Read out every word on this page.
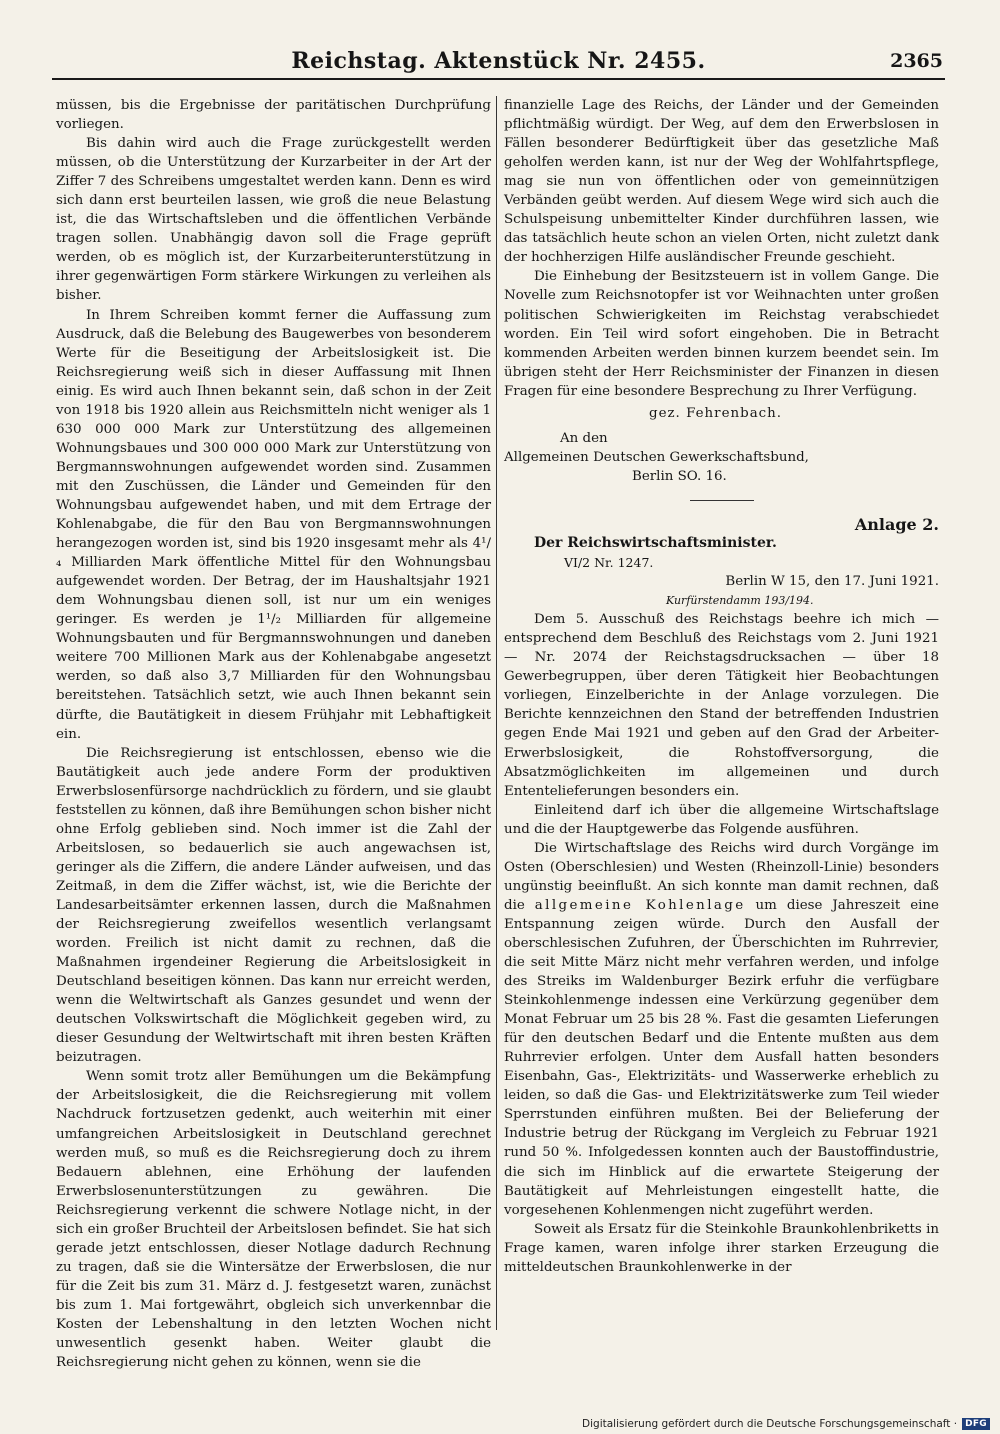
Reichstag. Aktenstück Nr. 2455.	2365

müssen, bis die Ergebnisse der paritätischen Durchprüfung vorliegen.

Bis dahin wird auch die Frage zurückgestellt werden müssen, ob die Unterstützung der Kurzarbeiter in der Art der Ziffer 7 des Schreibens umgestaltet werden kann. Denn es wird sich dann erst beurteilen lassen, wie groß die neue Belastung ist, die das Wirtschaftsleben und die öffentlichen Verbände tragen sollen. Unabhängig davon soll die Frage geprüft werden, ob es möglich ist, der Kurzarbeiterunterstützung in ihrer gegenwärtigen Form stärkere Wirkungen zu verleihen als bisher.

In Ihrem Schreiben kommt ferner die Auffassung zum Ausdruck, daß die Belebung des Baugewerbes von besonderem Werte für die Beseitigung der Arbeitslosigkeit ist. Die Reichsregierung weiß sich in dieser Auffassung mit Ihnen einig. Es wird auch Ihnen bekannt sein, daß schon in der Zeit von 1918 bis 1920 allein aus Reichsmitteln nicht weniger als 1 630 000 000 Mark zur Unterstützung des allgemeinen Wohnungsbaues und 300 000 000 Mark zur Unterstützung von Bergmannswohnungen aufgewendet worden sind. Zusammen mit den Zuschüssen, die Länder und Gemeinden für den Wohnungsbau aufgewendet haben, und mit dem Ertrage der Kohlenabgabe, die für den Bau von Bergmannswohnungen herangezogen worden ist, sind bis 1920 insgesamt mehr als 4¹/₄ Milliarden Mark öffentliche Mittel für den Wohnungsbau aufgewendet worden. Der Betrag, der im Haushaltsjahr 1921 dem Wohnungsbau dienen soll, ist nur um ein weniges geringer. Es werden je 1¹/₂ Milliarden für allgemeine Wohnungsbauten und für Bergmannswohnungen und daneben weitere 700 Millionen Mark aus der Kohlenabgabe angesetzt werden, so daß also 3,7 Milliarden für den Wohnungsbau bereitstehen. Tatsächlich setzt, wie auch Ihnen bekannt sein dürfte, die Bautätigkeit in diesem Frühjahr mit Lebhaftigkeit ein.

Die Reichsregierung ist entschlossen, ebenso wie die Bautätigkeit auch jede andere Form der produktiven Erwerbslosenfürsorge nachdrücklich zu fördern, und sie glaubt feststellen zu können, daß ihre Bemühungen schon bisher nicht ohne Erfolg geblieben sind. Noch immer ist die Zahl der Arbeitslosen, so bedauerlich sie auch angewachsen ist, geringer als die Ziffern, die andere Länder aufweisen, und das Zeitmaß, in dem die Ziffer wächst, ist, wie die Berichte der Landesarbeitsämter erkennen lassen, durch die Maßnahmen der Reichsregierung zweifellos wesentlich verlangsamt worden. Freilich ist nicht damit zu rechnen, daß die Maßnahmen irgendeiner Regierung die Arbeitslosigkeit in Deutschland beseitigen können. Das kann nur erreicht werden, wenn die Weltwirtschaft als Ganzes gesundet und wenn der deutschen Volkswirtschaft die Möglichkeit gegeben wird, zu dieser Gesundung der Weltwirtschaft mit ihren besten Kräften beizutragen.

Wenn somit trotz aller Bemühungen um die Bekämpfung der Arbeitslosigkeit, die die Reichsregierung mit vollem Nachdruck fortzusetzen gedenkt, auch weiterhin mit einer umfangreichen Arbeitslosigkeit in Deutschland gerechnet werden muß, so muß es die Reichsregierung doch zu ihrem Bedauern ablehnen, eine Erhöhung der laufenden Erwerbslosenunterstützungen zu gewähren. Die Reichsregierung verkennt die schwere Notlage nicht, in der sich ein großer Bruchteil der Arbeitslosen befindet. Sie hat sich gerade jetzt entschlossen, dieser Notlage dadurch Rechnung zu tragen, daß sie die Wintersätze der Erwerbslosen, die nur für die Zeit bis zum 31. März d. J. festgesetzt waren, zunächst bis zum 1. Mai fortgewährt, obgleich sich unverkennbar die Kosten der Lebenshaltung in den letzten Wochen nicht unwesentlich gesenkt haben. Weiter glaubt die Reichsregierung nicht gehen zu können, wenn sie die

finanzielle Lage des Reichs, der Länder und der Gemeinden pflichtmäßig würdigt. Der Weg, auf dem den Erwerbslosen in Fällen besonderer Bedürftigkeit über das gesetzliche Maß geholfen werden kann, ist nur der Weg der Wohlfahrtspflege, mag sie nun von öffentlichen oder von gemeinnützigen Verbänden geübt werden. Auf diesem Wege wird sich auch die Schulspeisung unbemittelter Kinder durchführen lassen, wie das tatsächlich heute schon an vielen Orten, nicht zuletzt dank der hochherzigen Hilfe ausländischer Freunde geschieht.

Die Einhebung der Besitzsteuern ist in vollem Gange. Die Novelle zum Reichsnotopfer ist vor Weihnachten unter großen politischen Schwierigkeiten im Reichstag verabschiedet worden. Ein Teil wird sofort eingehoben. Die in Betracht kommenden Arbeiten werden binnen kurzem beendet sein. Im übrigen steht der Herr Reichsminister der Finanzen in diesen Fragen für eine besondere Besprechung zu Ihrer Verfügung.

gez. Fehrenbach.
An den
Allgemeinen Deutschen Gewerkschaftsbund,
Berlin SO. 16.

Anlage 2.

Der Reichswirtschaftsminister.

VI/2 Nr. 1247.

Berlin W 15, den 17. Juni 1921.

Kurfürstendamm 193/194.

Dem 5. Ausschuß des Reichstags beehre ich mich — entsprechend dem Beschluß des Reichstags vom 2. Juni 1921 — Nr. 2074 der Reichstagsdrucksachen — über 18 Gewerbegruppen, über deren Tätigkeit hier Beobachtungen vorliegen, Einzelberichte in der Anlage vorzulegen. Die Berichte kennzeichnen den Stand der betreffenden Industrien gegen Ende Mai 1921 und geben auf den Grad der Arbeiter-Erwerbslosigkeit, die Rohstoffversorgung, die Absatzmöglichkeiten im allgemeinen und durch Ententelieferungen besonders ein.

Einleitend darf ich über die allgemeine Wirtschaftslage und die der Hauptgewerbe das Folgende ausführen.

Die Wirtschaftslage des Reichs wird durch Vorgänge im Osten (Oberschlesien) und Westen (Rheinzoll-Linie) besonders ungünstig beeinflußt. An sich konnte man damit rechnen, daß die allgemeine Kohlenlage um diese Jahreszeit eine Entspannung zeigen würde. Durch den Ausfall der oberschlesischen Zufuhren, der Überschichten im Ruhrrevier, die seit Mitte März nicht mehr verfahren werden, und infolge des Streiks im Waldenburger Bezirk erfuhr die verfügbare Steinkohlenmenge indessen eine Verkürzung gegenüber dem Monat Februar um 25 bis 28 %. Fast die gesamten Lieferungen für den deutschen Bedarf und die Entente mußten aus dem Ruhrrevier erfolgen. Unter dem Ausfall hatten besonders Eisenbahn, Gas-, Elektrizitäts- und Wasserwerke erheblich zu leiden, so daß die Gas- und Elektrizitätswerke zum Teil wieder Sperrstunden einführen mußten. Bei der Belieferung der Industrie betrug der Rückgang im Vergleich zu Februar 1921 rund 50 %. Infolgedessen konnten auch der Baustoffindustrie, die sich im Hinblick auf die erwartete Steigerung der Bautätigkeit auf Mehrleistungen eingestellt hatte, die vorgesehenen Kohlenmengen nicht zugeführt werden.

Soweit als Ersatz für die Steinkohle Braunkohlenbriketts in Frage kamen, waren infolge ihrer starken Erzeugung die mitteldeutschen Braunkohlenwerke in der

Digitalisierung gefördert durch die Deutsche Forschungsgemeinschaft · DFG
